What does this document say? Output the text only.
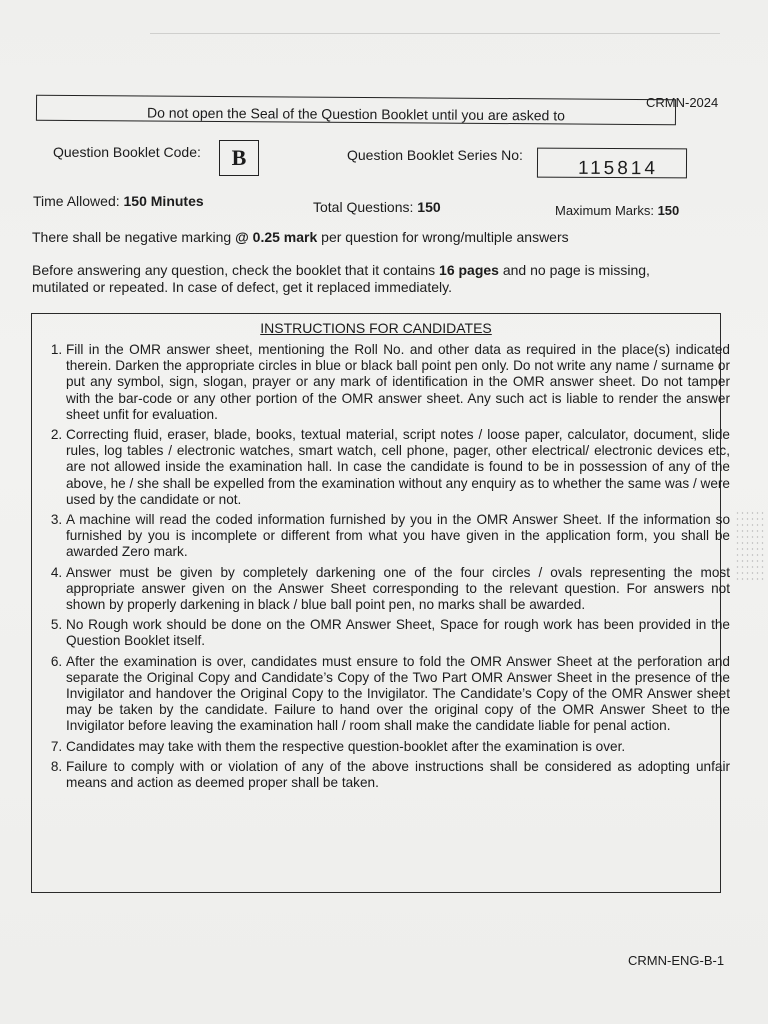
CRMN-2024
Do not open the Seal of the Question Booklet until you are asked to
Question Booklet Code: B	Question Booklet Series No:
115814
Time Allowed: 150 Minutes	Total Questions: 150	Maximum Marks: 150
There shall be negative marking @ 0.25 mark per question for wrong/multiple answers
Before answering any question, check the booklet that it contains 16 pages and no page is missing, mutilated or repeated. In case of defect, get it replaced immediately.
INSTRUCTIONS FOR CANDIDATES
1. Fill in the OMR answer sheet, mentioning the Roll No. and other data as required in the place(s) indicated therein. Darken the appropriate circles in blue or black ball point pen only. Do not write any name / surname or put any symbol, sign, slogan, prayer or any mark of identification in the OMR answer sheet. Do not tamper with the bar-code or any other portion of the OMR answer sheet. Any such act is liable to render the answer sheet unfit for evaluation.
2. Correcting fluid, eraser, blade, books, textual material, script notes / loose paper, calculator, document, slide rules, log tables / electronic watches, smart watch, cell phone, pager, other electrical/ electronic devices etc, are not allowed inside the examination hall. In case the candidate is found to be in possession of any of the above, he / she shall be expelled from the examination without any enquiry as to whether the same was / were used by the candidate or not.
3. A machine will read the coded information furnished by you in the OMR Answer Sheet. If the information so furnished by you is incomplete or different from what you have given in the application form, you shall be awarded Zero mark.
4. Answer must be given by completely darkening one of the four circles / ovals representing the most appropriate answer given on the Answer Sheet corresponding to the relevant question. For answers not shown by properly darkening in black / blue ball point pen, no marks shall be awarded.
5. No Rough work should be done on the OMR Answer Sheet, Space for rough work has been provided in the Question Booklet itself.
6. After the examination is over, candidates must ensure to fold the OMR Answer Sheet at the perforation and separate the Original Copy and Candidate’s Copy of the Two Part OMR Answer Sheet in the presence of the Invigilator and handover the Original Copy to the Invigilator. The Candidate’s Copy of the OMR Answer sheet may be taken by the candidate. Failure to hand over the original copy of the OMR Answer Sheet to the Invigilator before leaving the examination hall / room shall make the candidate liable for penal action.
7. Candidates may take with them the respective question-booklet after the examination is over.
8. Failure to comply with or violation of any of the above instructions shall be considered as adopting unfair means and action as deemed proper shall be taken.
CRMN-ENG-B-1
